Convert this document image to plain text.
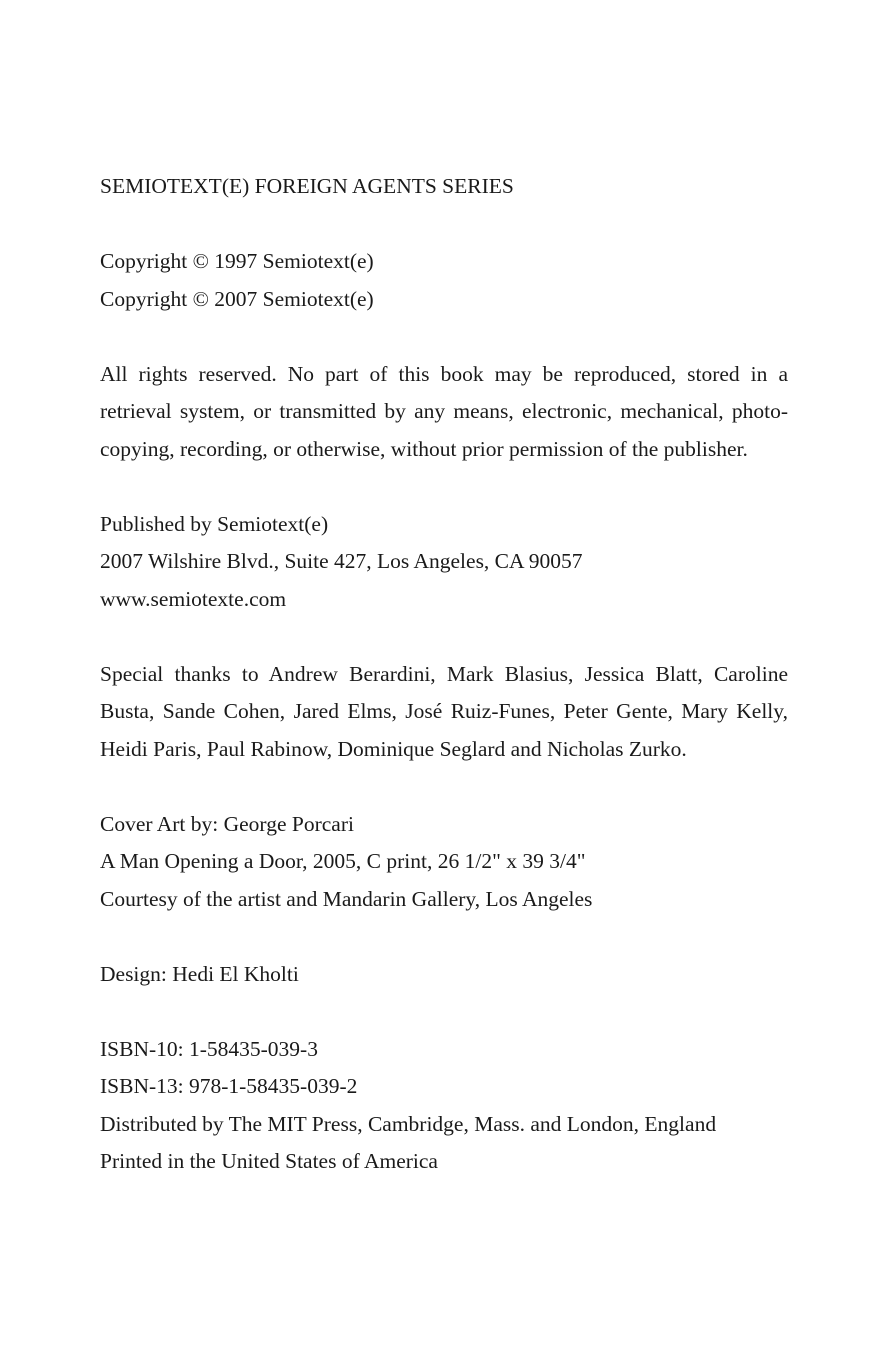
SEMIOTEXT(E) FOREIGN AGENTS SERIES
Copyright © 1997 Semiotext(e)
Copyright © 2007 Semiotext(e)
All rights reserved. No part of this book may be reproduced, stored in a retrieval system, or transmitted by any means, electronic, mechanical, photo-copying, recording, or otherwise, without prior permission of the publisher.
Published by Semiotext(e)
2007 Wilshire Blvd., Suite 427, Los Angeles, CA 90057
www.semiotexte.com
Special thanks to Andrew Berardini, Mark Blasius, Jessica Blatt, Caroline Busta, Sande Cohen, Jared Elms, José Ruiz-Funes, Peter Gente, Mary Kelly, Heidi Paris, Paul Rabinow, Dominique Seglard and Nicholas Zurko.
Cover Art by: George Porcari
A Man Opening a Door, 2005, C print, 26 1/2" x 39 3/4"
Courtesy of the artist and Mandarin Gallery, Los Angeles
Design: Hedi El Kholti
ISBN-10: 1-58435-039-3
ISBN-13: 978-1-58435-039-2
Distributed by The MIT Press, Cambridge, Mass. and London, England
Printed in the United States of America
